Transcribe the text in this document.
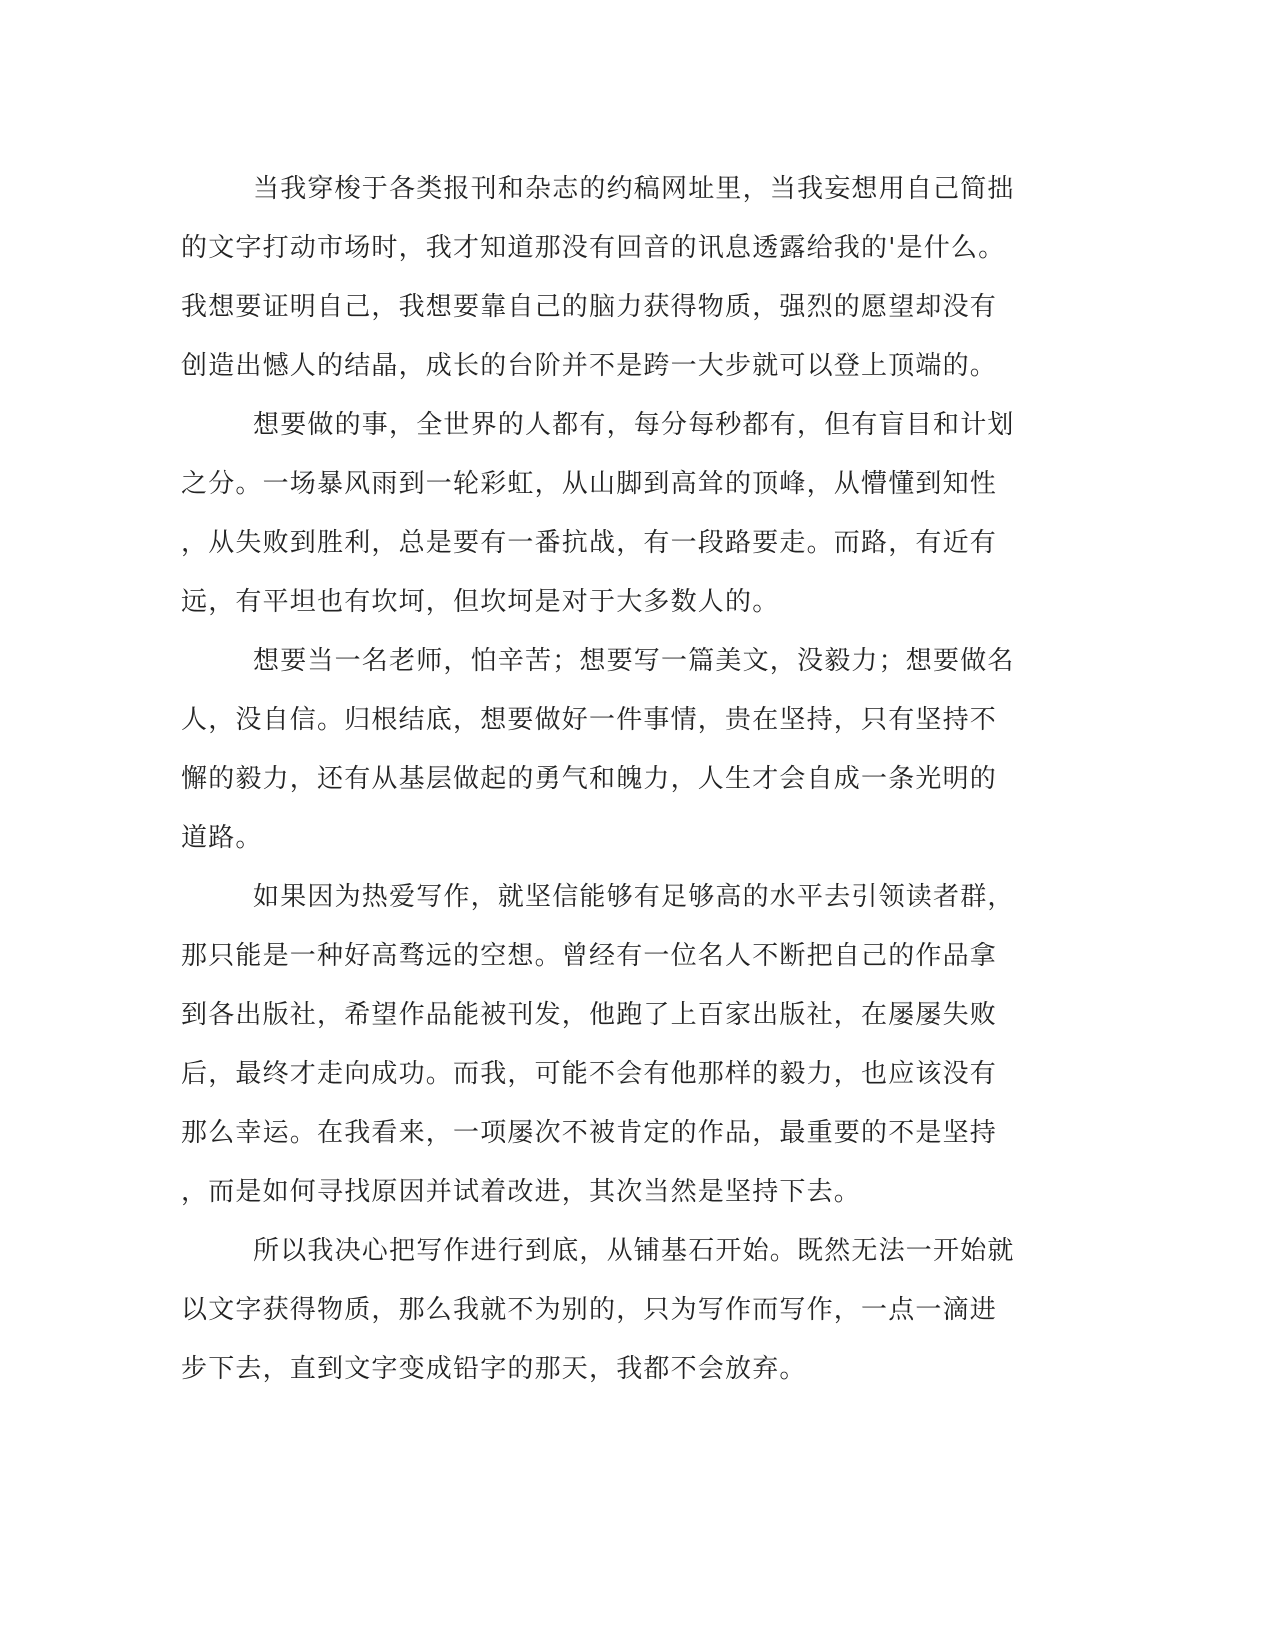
当我穿梭于各类报刊和杂志的约稿网址里，当我妄想用自己简拙
的文字打动市场时，我才知道那没有回音的讯息透露给我的'是什么。
我想要证明自己，我想要靠自己的脑力获得物质，强烈的愿望却没有
创造出憾人的结晶，成长的台阶并不是跨一大步就可以登上顶端的。
想要做的事，全世界的人都有，每分每秒都有，但有盲目和计划
之分。一场暴风雨到一轮彩虹，从山脚到高耸的顶峰，从懵懂到知性
，从失败到胜利，总是要有一番抗战，有一段路要走。而路，有近有
远，有平坦也有坎坷，但坎坷是对于大多数人的。
想要当一名老师，怕辛苦；想要写一篇美文，没毅力；想要做名
人，没自信。归根结底，想要做好一件事情，贵在坚持，只有坚持不
懈的毅力，还有从基层做起的勇气和魄力，人生才会自成一条光明的
道路。
如果因为热爱写作，就坚信能够有足够高的水平去引领读者群，
那只能是一种好高骛远的空想。曾经有一位名人不断把自己的作品拿
到各出版社，希望作品能被刊发，他跑了上百家出版社，在屡屡失败
后，最终才走向成功。而我，可能不会有他那样的毅力，也应该没有
那么幸运。在我看来，一项屡次不被肯定的作品，最重要的不是坚持
，而是如何寻找原因并试着改进，其次当然是坚持下去。
所以我决心把写作进行到底，从铺基石开始。既然无法一开始就
以文字获得物质，那么我就不为别的，只为写作而写作，一点一滴进
步下去，直到文字变成铅字的那天，我都不会放弃。
